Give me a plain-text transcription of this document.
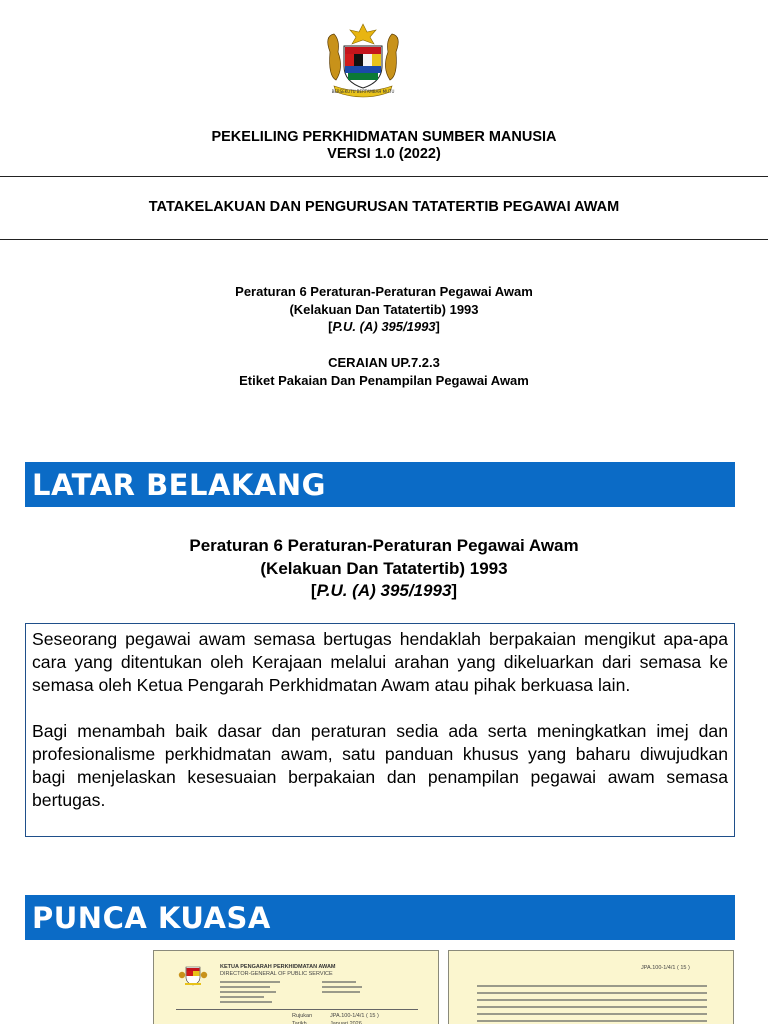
BERSEKUTU BERTAMBAH MUTU
PEKELILING PERKHIDMATAN SUMBER MANUSIA
VERSI 1.0 (2022)
TATAKELAKUAN DAN PENGURUSAN TATATERTIB PEGAWAI AWAM
Peraturan 6 Peraturan-Peraturan Pegawai Awam
(Kelakuan Dan Tatatertib) 1993
[P.U. (A) 395/1993]
CERAIAN UP.7.2.3
Etiket Pakaian Dan Penampilan Pegawai Awam
LATAR BELAKANG
Peraturan 6 Peraturan-Peraturan Pegawai Awam
(Kelakuan Dan Tatatertib) 1993
[P.U. (A) 395/1993]

Seseorang pegawai awam semasa bertugas hendaklah berpakaian mengikut apa-apa cara yang ditentukan oleh Kerajaan melalui arahan yang dikeluarkan dari semasa ke semasa oleh Ketua Pengarah Perkhidmatan Awam atau pihak berkuasa lain.

Bagi menambah baik dasar dan peraturan sedia ada serta meningkatkan imej dan profesionalisme perkhidmatan awam, satu panduan khusus yang baharu diwujudkan bagi menjelaskan kesesuaian berpakaian dan penampilan pegawai awam semasa bertugas.

PUNCA KUASA
KETUA PENGARAH PERKHIDMATAN AWAM
DIRECTOR-GENERAL OF PUBLIC SERVICE
Rujukan	JPA.100-1/4/1 ( 15 )
Tarikh	Januari 2026
JPA.100-1/4/1 ( 15 )
